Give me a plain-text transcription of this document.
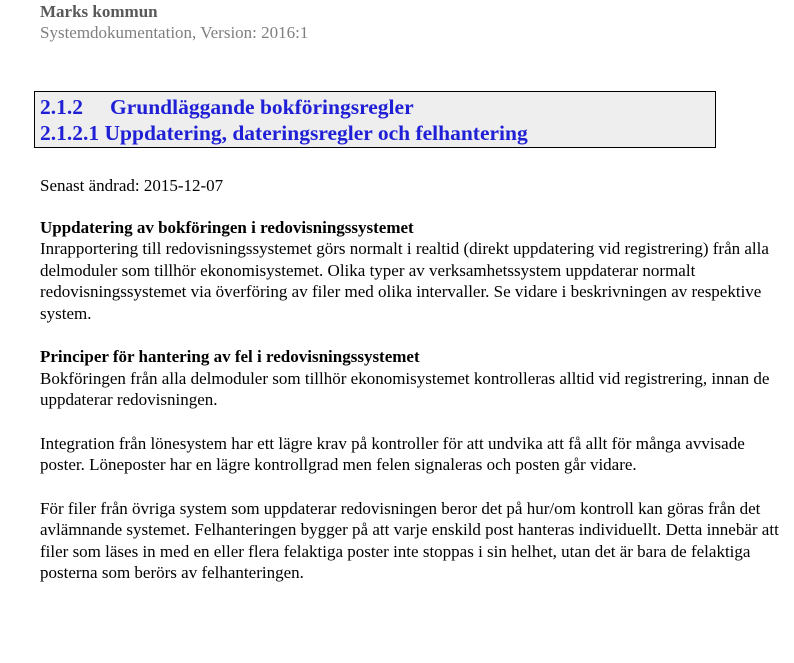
Marks kommun
Systemdokumentation, Version: 2016:1
2.1.2 Grundläggande bokföringsregler
2.1.2.1 Uppdatering, dateringsregler och felhantering

Senast ändrad: 2015-12-07

Uppdatering av bokföringen i redovisningssystemet

Inrapportering till redovisningssystemet görs normalt i realtid (direkt uppdatering vid registrering) från alla delmoduler som tillhör ekonomisystemet. Olika typer av verksamhetssystem uppdaterar normalt redovisningssystemet via överföring av filer med olika intervaller. Se vidare i beskrivningen av respektive system.

Principer för hantering av fel i redovisningssystemet

Bokföringen från alla delmoduler som tillhör ekonomisystemet kontrolleras alltid vid registrering, innan de uppdaterar redovisningen.

Integration från lönesystem har ett lägre krav på kontroller för att undvika att få allt för många avvisade poster. Löneposter har en lägre kontrollgrad men felen signaleras och posten går vidare.

För filer från övriga system som uppdaterar redovisningen beror det på hur/om kontroll kan göras från det avlämnande systemet. Felhanteringen bygger på att varje enskild post hanteras individuellt. Detta innebär att filer som läses in med en eller flera felaktiga poster inte stoppas i sin helhet, utan det är bara de felaktiga posterna som berörs av felhanteringen.
